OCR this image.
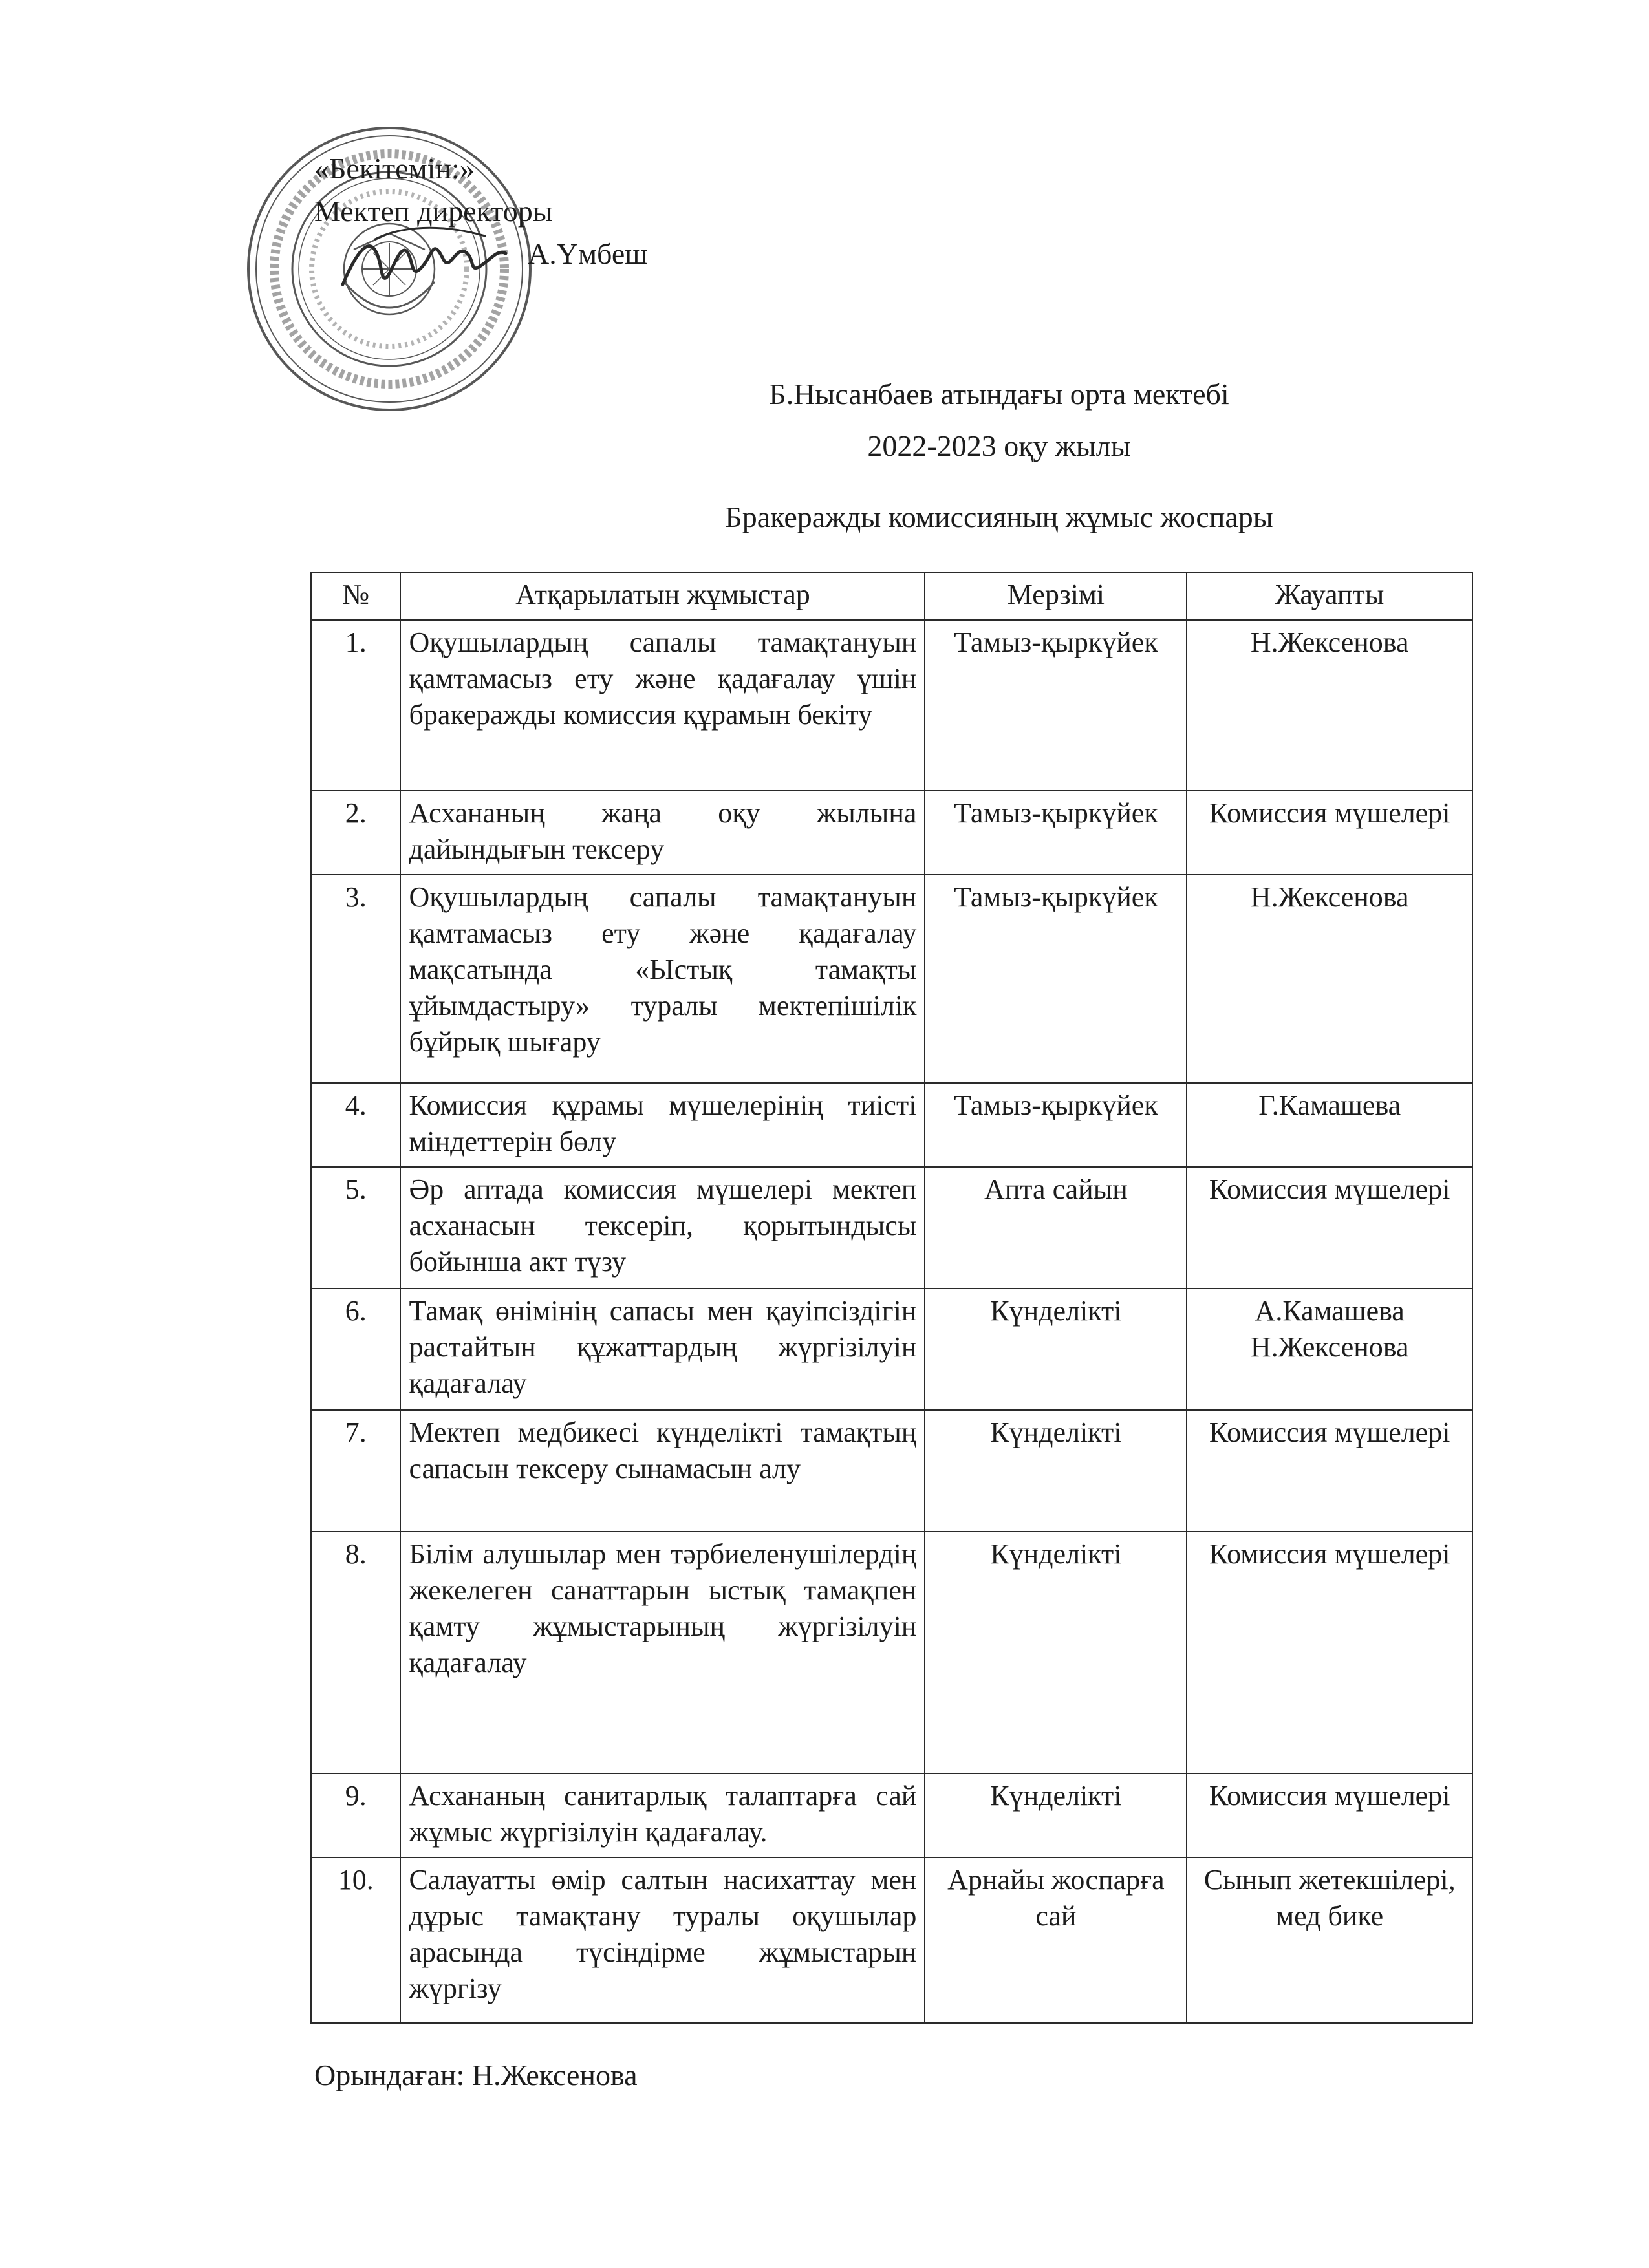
«Бекітемін:»
Мектеп директоры
А.Үмбеш
Б.Нысанбаев атындағы орта мектебі
2022-2023 оқу жылы
Бракеражды комиссияның жұмыс жоспары
№	Атқарылатын жұмыстар	Мерзімі	Жауапты
1.	Оқушылардың сапалы тамақтануын қамтамасыз ету және қадағалау үшін бракеражды комиссия құрамын бекіту	Тамыз-қыркүйек	Н.Жексенова
2.	Асхананың жаңа оқу жылына дайындығын тексеру	Тамыз-қыркүйек	Комиссия мүшелері
3.	Оқушылардың сапалы тамақтануын қамтамасыз ету және қадағалау мақсатында «Ыстық тамақты ұйымдастыру» туралы мектепішілік бұйрық шығару	Тамыз-қыркүйек	Н.Жексенова
4.	Комиссия құрамы мүшелерінің тиісті міндеттерін бөлу	Тамыз-қыркүйек	Г.Камашева
5.	Әр аптада комиссия мүшелері мектеп асханасын тексеріп, қорытындысы бойынша акт түзу	Апта сайын	Комиссия мүшелері
6.	Тамақ өнімінің сапасы мен қауіпсіздігін растайтын құжаттардың жүргізілуін қадағалау	Күнделікті	А.Камашева Н.Жексенова
7.	Мектеп медбикесі күнделікті тамақтың сапасын тексеру сынамасын алу	Күнделікті	Комиссия мүшелері
8.	Білім алушылар мен тәрбиеленушілердің жекелеген санаттарын ыстық тамақпен қамту жұмыстарының жүргізілуін қадағалау	Күнделікті	Комиссия мүшелері
9.	Асхананың санитарлық талаптарға сай жұмыс жүргізілуін қадағалау.	Күнделікті	Комиссия мүшелері
10.	Салауатты өмір салтын насихаттау мен дұрыс тамақтану туралы оқушылар арасында түсіндірме жұмыстарын жүргізу	Арнайы жоспарға сай	Сынып жетекшілері, мед бике
Орындаған: Н.Жексенова
